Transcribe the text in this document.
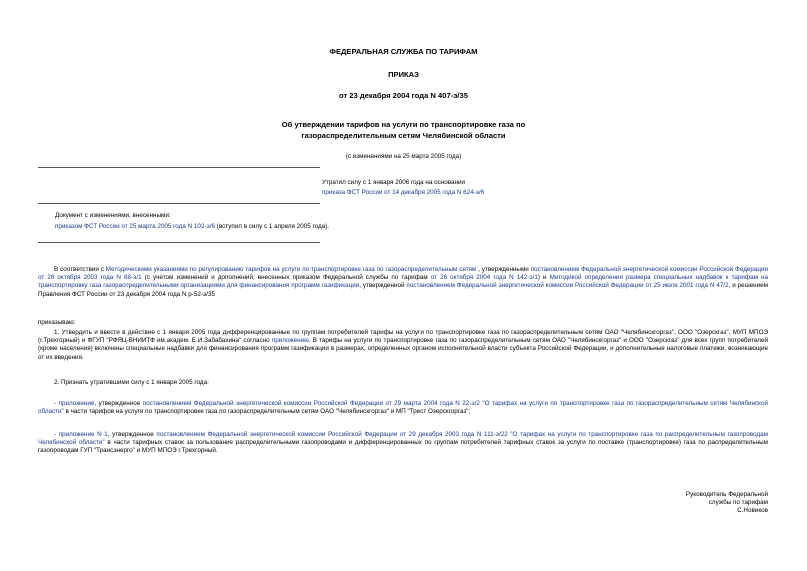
ФЕДЕРАЛЬНАЯ СЛУЖБА ПО ТАРИФАМ
ПРИКАЗ
от 23 декабря 2004 года N 407-э/35
Об утверждении тарифов на услуги по транспортировке газа по
газораспределительным сетям Челябинской области
(с изменениями на 25 марта 2005 года)
Утратил силу с 1 января 2006 года на основании
приказа ФСТ России от 14 декабря 2005 года N 624-э/6
Документ с изменениями, внесенными:
приказом ФСТ России от 25 марта 2005 года N 102-э/6 (вступил в силу с 1 апреля 2005 года).
В соответствии с Методическими указаниями по регулированию тарифов на услуги по транспортировке газа по газораспределительным сетям , утвержденными постановлением Федеральной энергетической комиссии Российской Федерации от 28 октября 2003 года N 88-э/1 (с учетом изменений и дополнений, внесенных приказом Федеральной службы по тарифам от 26 октября 2004 года N 142-э/1) и Методикой определения размера специальных надбавок к тарифам на транспортировку газа газораспределительными организациями для финансирования программ газификации, утвержденной постановлением Федеральной энергетической комиссии Российской Федерации от 25 июля 2001 года N 47/2, и решением Правления ФСТ России от 23 декабря 2004 года N р-52-э/35
приказываю:
1. Утвердить и ввести в действие с 1 января 2005 года дифференцированные по группам потребителей тарифы на услуги по транспортировке газа по газораспределительным сетям ОАО "Челябинскгоргаз", ООО "Озерскгаз", МУП МПОЭ (г.Трехгорный) и ФГУП "РФЯЦ-ВНИИТФ им.академ. Е.И.Забабахина" согласно приложению. В тарифы на услуги по транспортировке газа по газораспределительным сетям ОАО "Челябинскгоргаз" и ООО "Озерскгаз" для всех групп потребителей (кроме населения) включены специальные надбавки для финансирования программ газификации в размерах, определенных органом исполнительной власти субъекта Российской Федерации, и дополнительные налоговые платежи, возникающие от их введения.
2. Признать утратившими силу с 1 января 2005 года:
- приложение, утвержденное постановлением Федеральной энергетической комиссии Российской Федерации от 29 марта 2004 года N 22-э/2 "О тарифах на услуги по транспортировке газа по газораспределительным сетям Челябинской области" в части тарифов на услуги по транспортировке газа по газораспределительным сетям ОАО "Челябинскгоргаз" и МП "Трест Озерскгоргаз";
- приложение N 1, утвержденное постановлением Федеральной энергетической комиссии Российской Федерации от 29 декабря 2003 года N 111-э/22 "О тарифах на услуги по транспортировке газа по распределительным газопроводам Челябинской области" в части тарифных ставок за пользование распределительными газопроводами и дифференцированных по группам потребителей тарифных ставок за услуги по поставке (транспортировке) газа по распределительным газопроводам ГУП "Трансэнерго" и МУП МПОЭ г.Трехгорный.
Руководитель Федеральной
службы по тарифам
С.Новиков
